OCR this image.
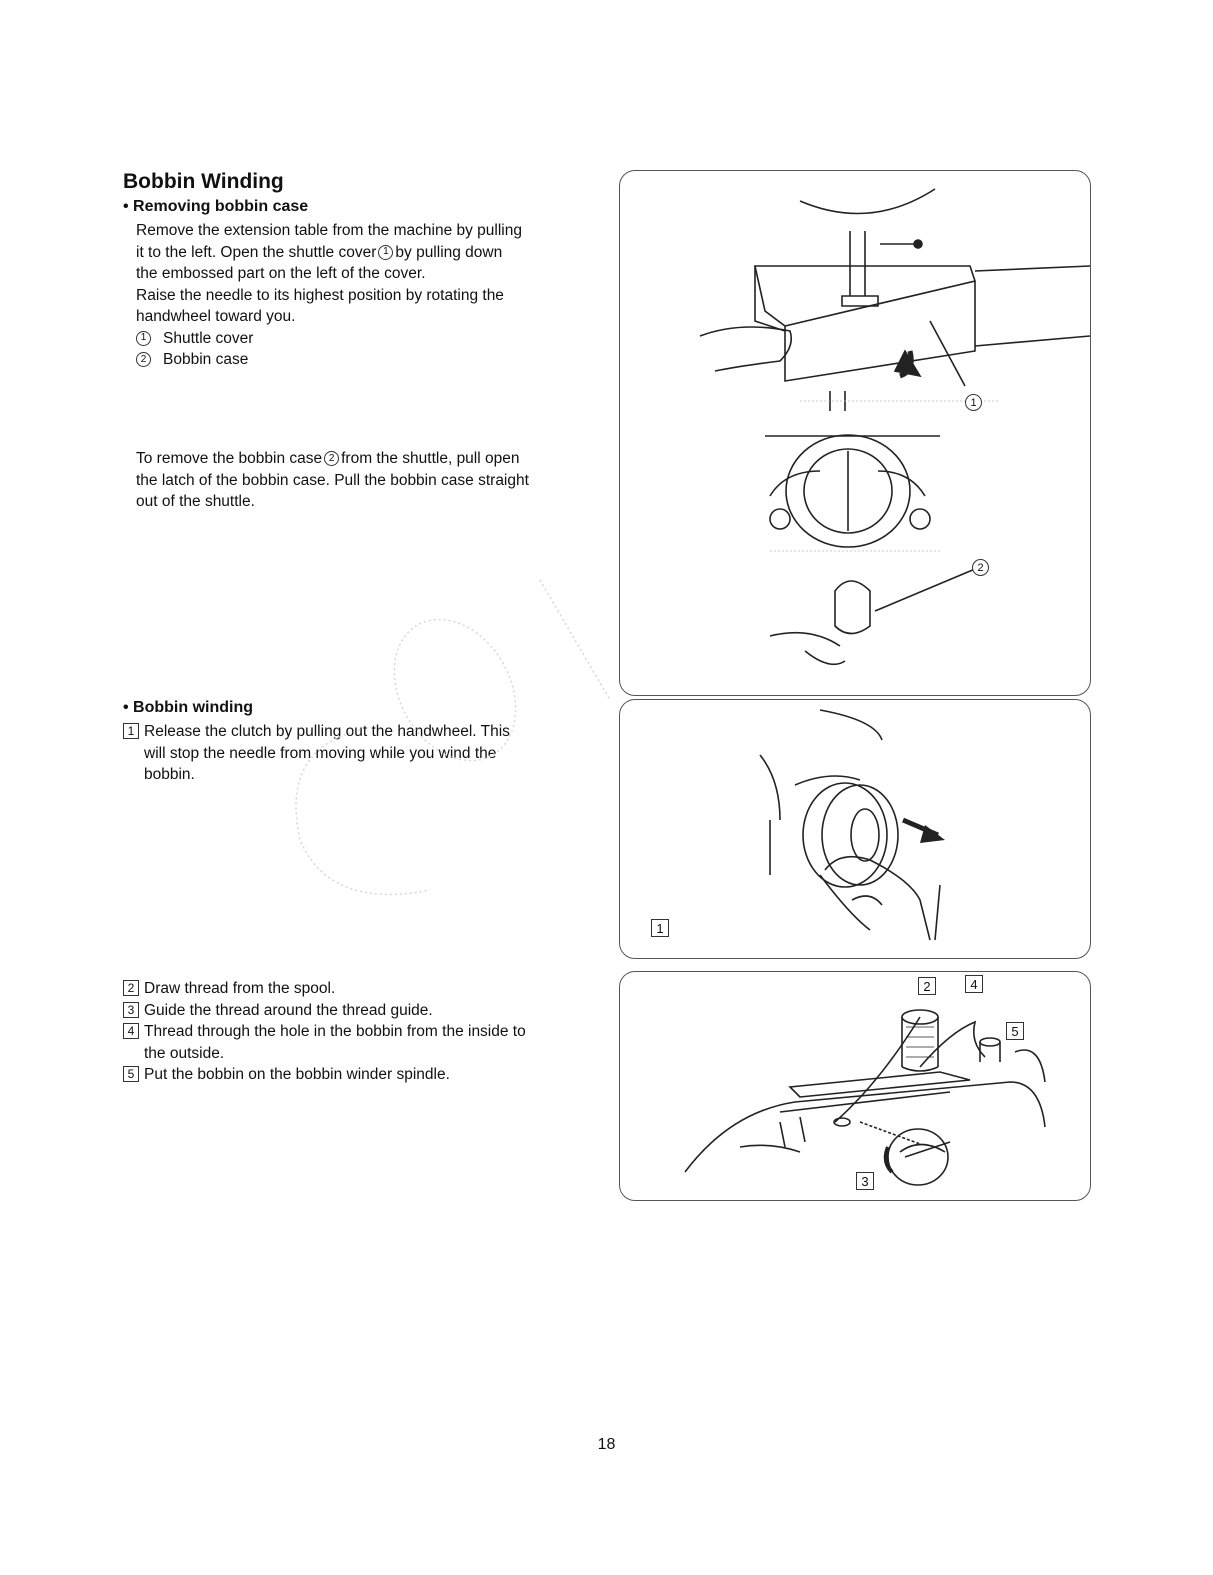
Bobbin Winding
• Removing bobbin case

Remove the extension table from the machine by pulling

it to the left. Open the shuttle cover 1 by pulling down

the embossed part on the left of the cover.

Raise the needle to its highest position by rotating the

handwheel toward you.

1	Shuttle cover
2	Bobbin case

To remove the bobbin case 2 from the shuttle, pull open

the latch of the bobbin case. Pull the bobbin case straight

out of the shuttle.

• Bobbin winding
1 Release the clutch by pulling out the handwheel. This
will stop the needle from moving while you wind the
bobbin.
2 Draw thread from the spool.
3 Guide the thread around the thread guide.
4 Thread through the hole in the bobbin from the inside to
the outside.
5 Put the bobbin on the bobbin winder spindle.
1
2
1
2	4
5
3
18
